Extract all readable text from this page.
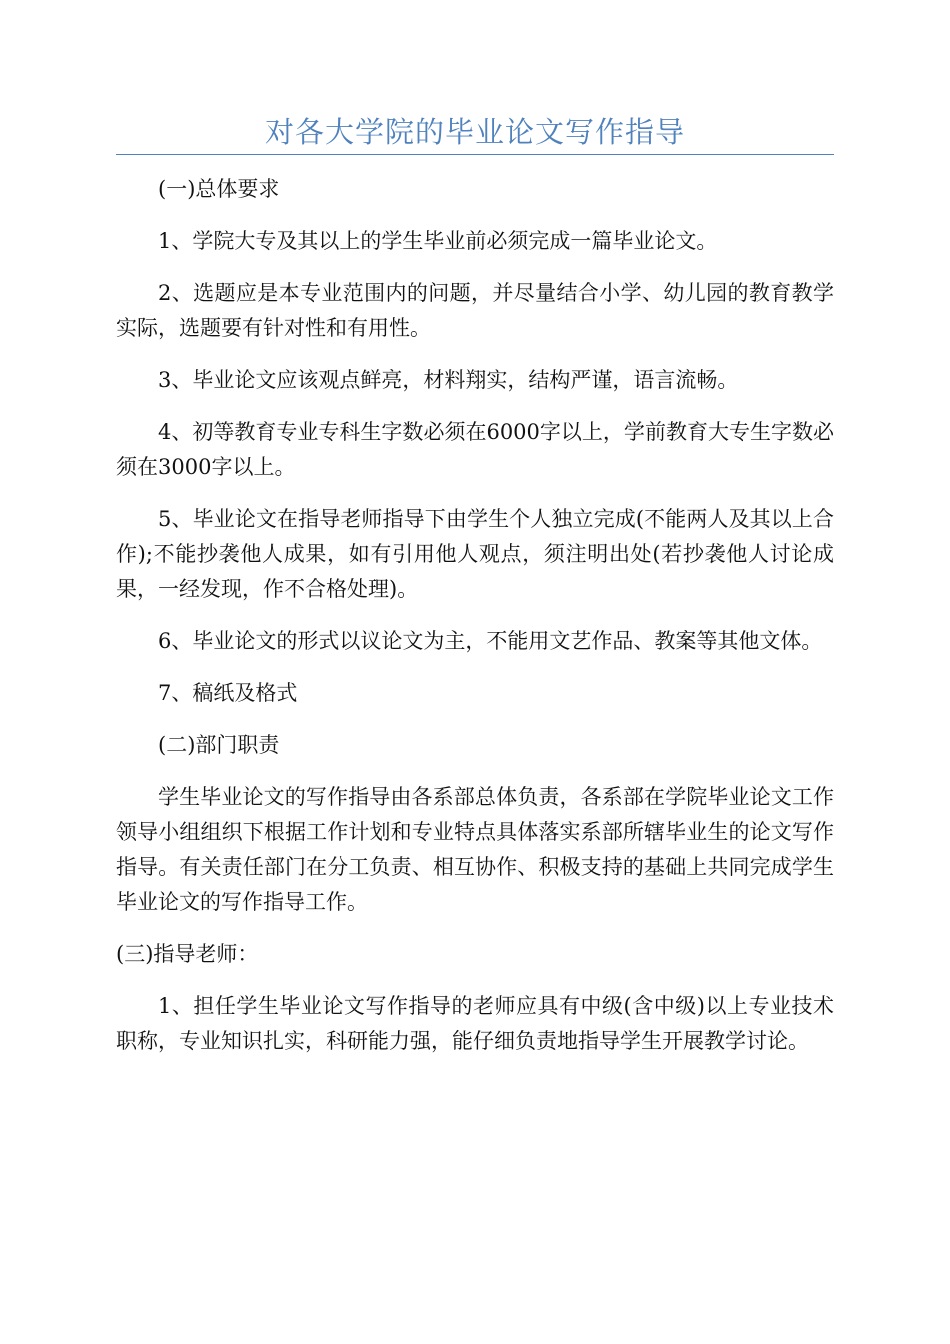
对各大学院的毕业论文写作指导

(一)总体要求

1、学院大专及其以上的学生毕业前必须完成一篇毕业论文。

2、选题应是本专业范围内的问题，并尽量结合小学、幼儿园的教育教学实际，选题要有针对性和有用性。

3、毕业论文应该观点鲜亮，材料翔实，结构严谨，语言流畅。

4、初等教育专业专科生字数必须在6000字以上，学前教育大专生字数必须在3000字以上。

5、毕业论文在指导老师指导下由学生个人独立完成(不能两人及其以上合作);不能抄袭他人成果，如有引用他人观点，须注明出处(若抄袭他人讨论成果，一经发现，作不合格处理)。

6、毕业论文的形式以议论文为主，不能用文艺作品、教案等其他文体。

7、稿纸及格式

(二)部门职责

学生毕业论文的写作指导由各系部总体负责，各系部在学院毕业论文工作领导小组组织下根据工作计划和专业特点具体落实系部所辖毕业生的论文写作指导。有关责任部门在分工负责、相互协作、积极支持的基础上共同完成学生毕业论文的写作指导工作。

(三)指导老师：

1、担任学生毕业论文写作指导的老师应具有中级(含中级)以上专业技术职称，专业知识扎实，科研能力强，能仔细负责地指导学生开展教学讨论。
